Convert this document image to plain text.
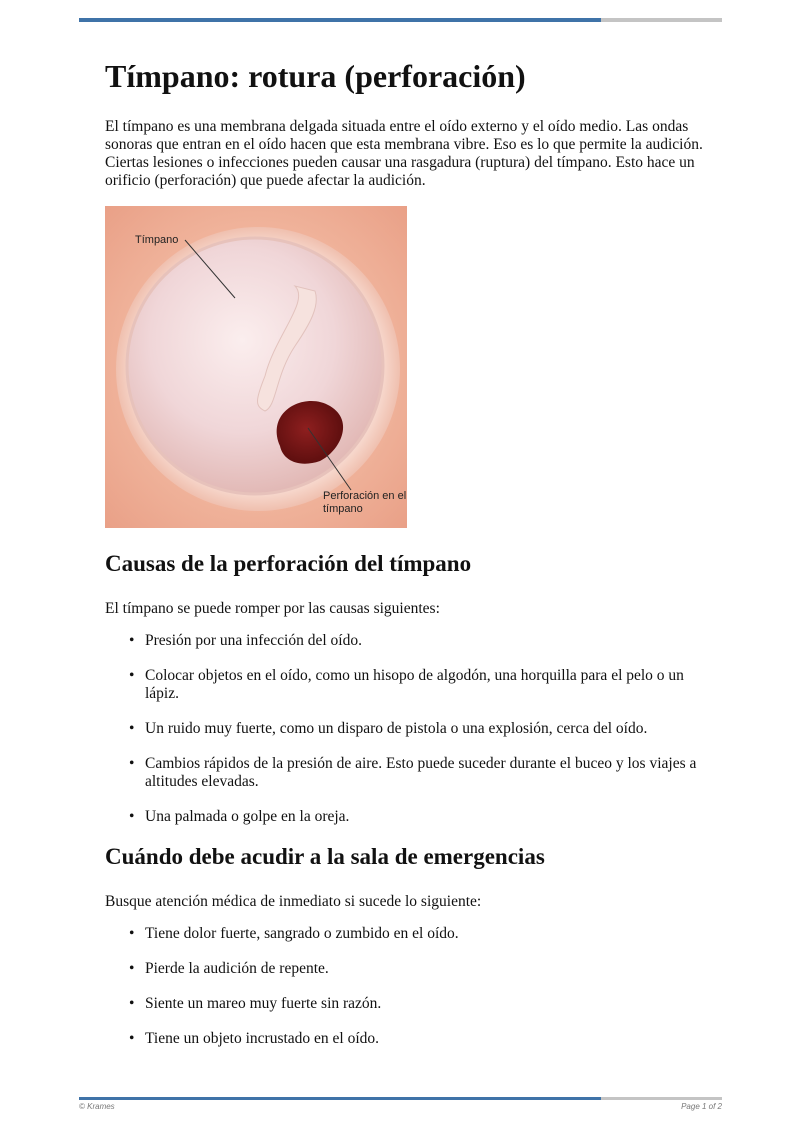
Tímpano: rotura (perforación)

El tímpano es una membrana delgada situada entre el oído externo y el oído medio. Las ondas sonoras que entran en el oído hacen que esta membrana vibre. Eso es lo que permite la audición. Ciertas lesiones o infecciones pueden causar una rasgadura (ruptura) del tímpano. Esto hace un orificio (perforación) que puede afectar la audición.

Tímpano
Perforación en el tímpano
Causas de la perforación del tímpano

El tímpano se puede romper por las causas siguientes:

• Presión por una infección del oído.
• Colocar objetos en el oído, como un hisopo de algodón, una horquilla para el pelo o un lápiz.
• Un ruido muy fuerte, como un disparo de pistola o una explosión, cerca del oído.
• Cambios rápidos de la presión de aire. Esto puede suceder durante el buceo y los viajes a altitudes elevadas.
• Una palmada o golpe en la oreja.
Cuándo debe acudir a la sala de emergencias

Busque atención médica de inmediato si sucede lo siguiente:

• Tiene dolor fuerte, sangrado o zumbido en el oído.
• Pierde la audición de repente.
• Siente un mareo muy fuerte sin razón.
• Tiene un objeto incrustado en el oído.
© Krames	Page 1 of 2
